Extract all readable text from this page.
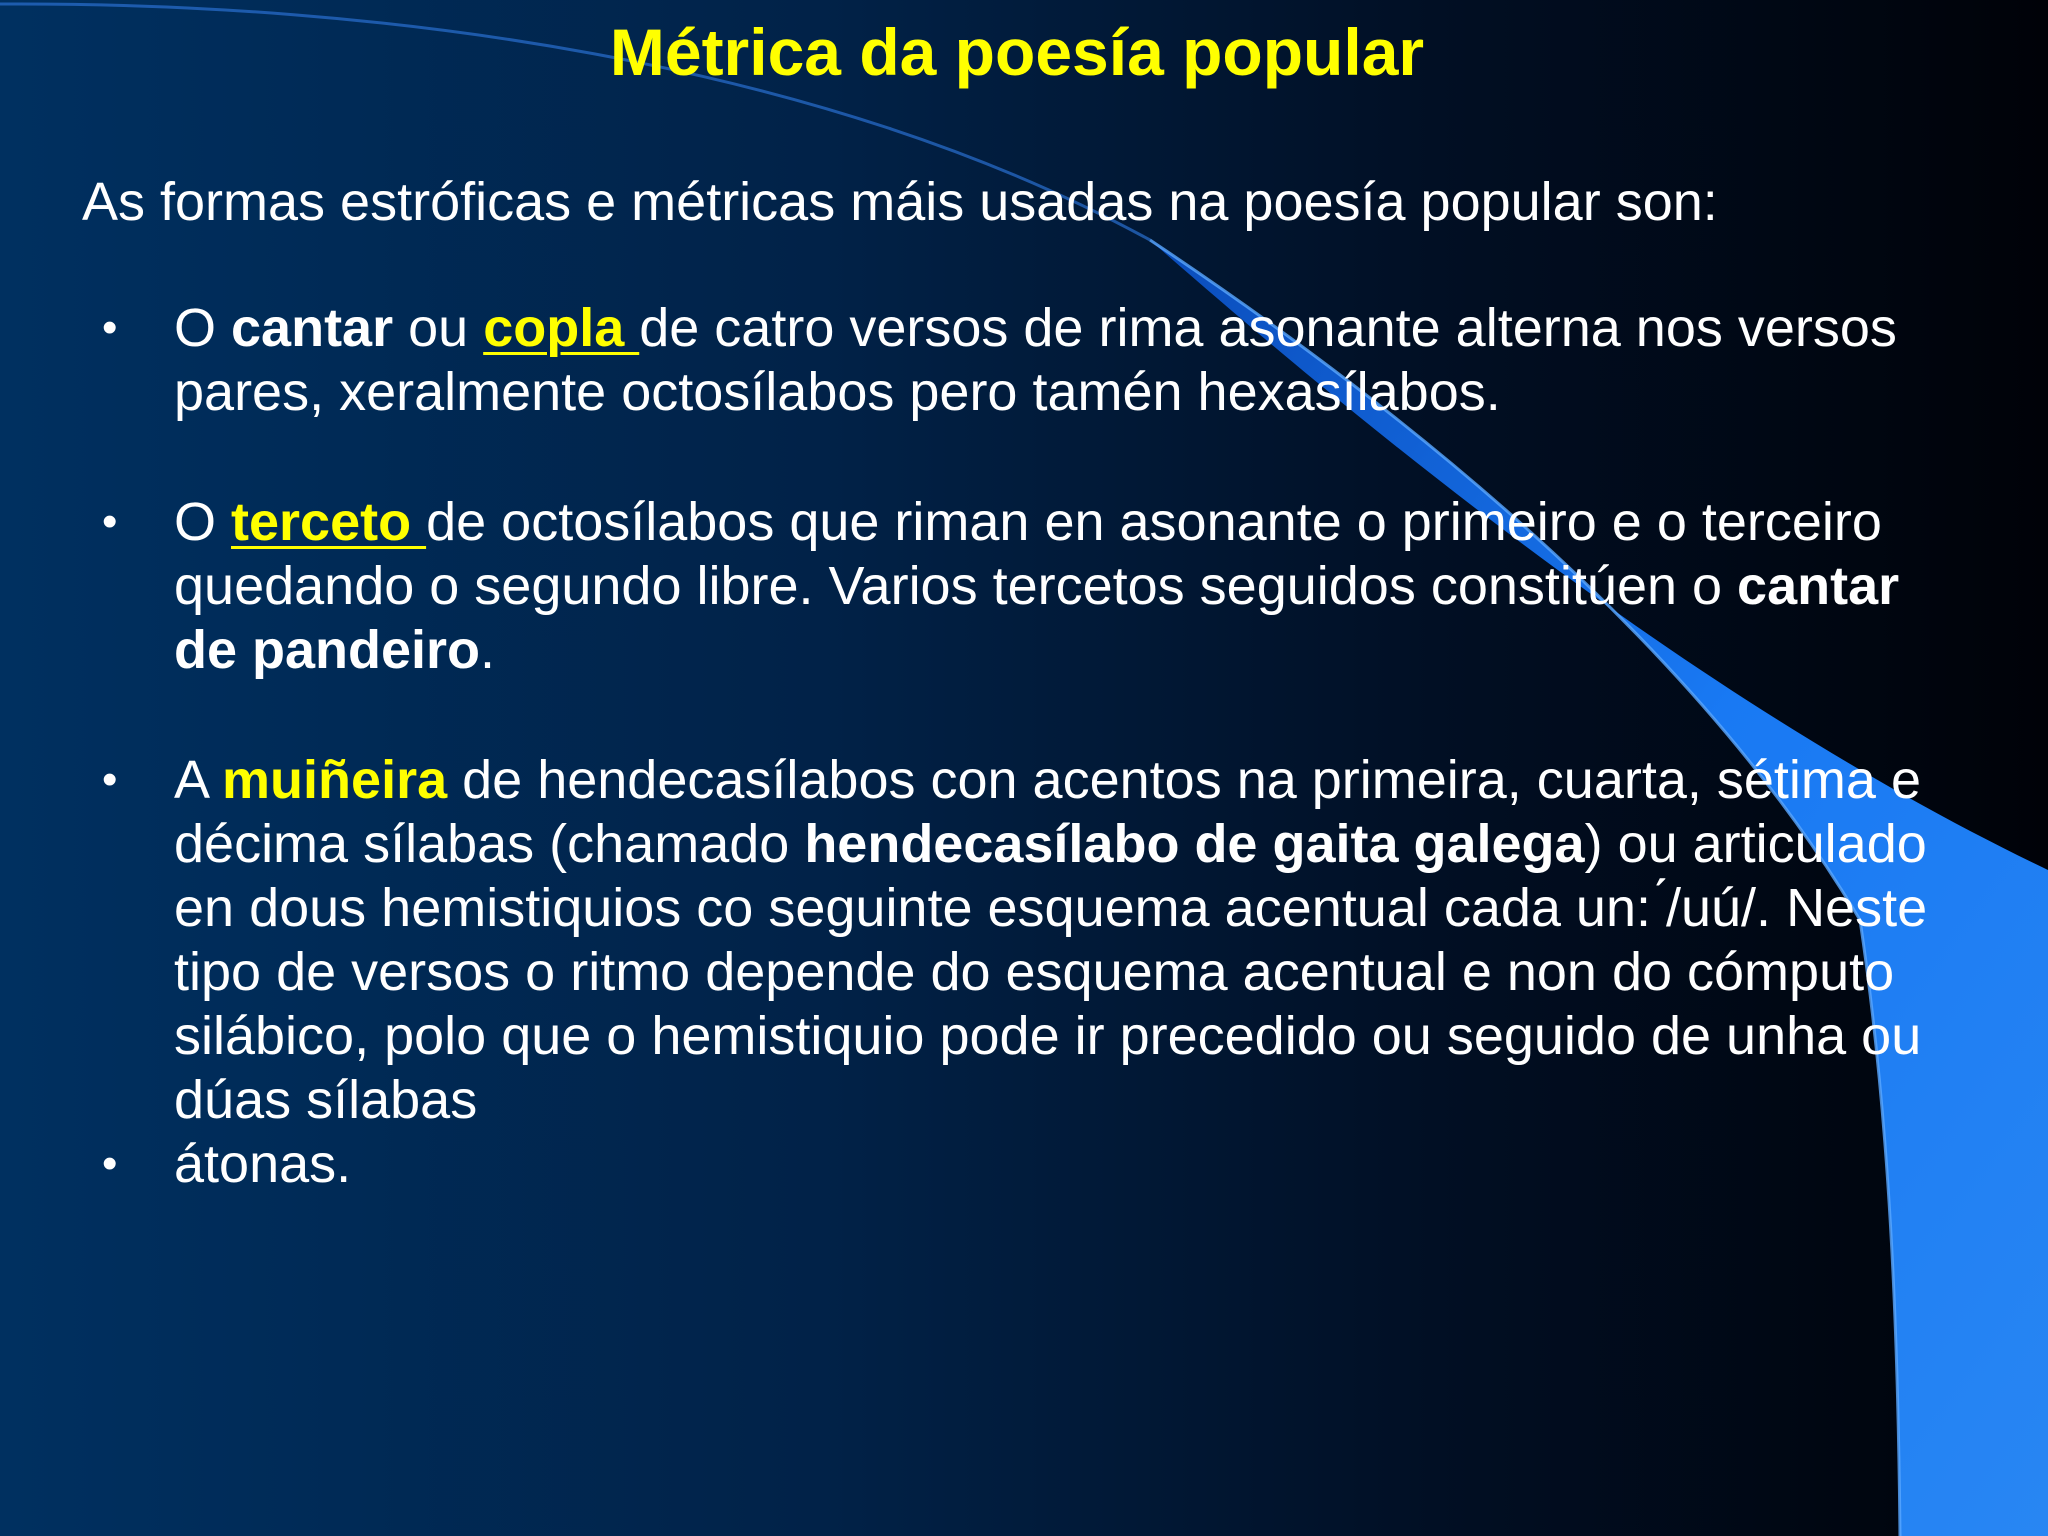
Métrica da poesía popular

As formas estróficas e métricas máis usadas na poesía popular son:

• O cantar ou copla de catro versos de rima asonante alterna nos versos pares, xeralmente octosílabos pero tamén hexasílabos.
• O terceto de octosílabos que riman en asonante o primeiro e o terceiro quedando o segundo libre. Varios tercetos seguidos constitúen o cantar de pandeiro.
• A muiñeira de hendecasílabos con acentos na primeira, cuarta, sétima e décima sílabas (chamado hendecasílabo de gaita galega) ou articulado en dous hemistiquios co seguinte esquema acentual cada un: ́/uú/. Neste tipo de versos o ritmo depende do esquema acentual e non do cómputo silábico, polo que o hemistiquio pode ir precedido ou seguido de unha ou dúas sílabas
• átonas.
